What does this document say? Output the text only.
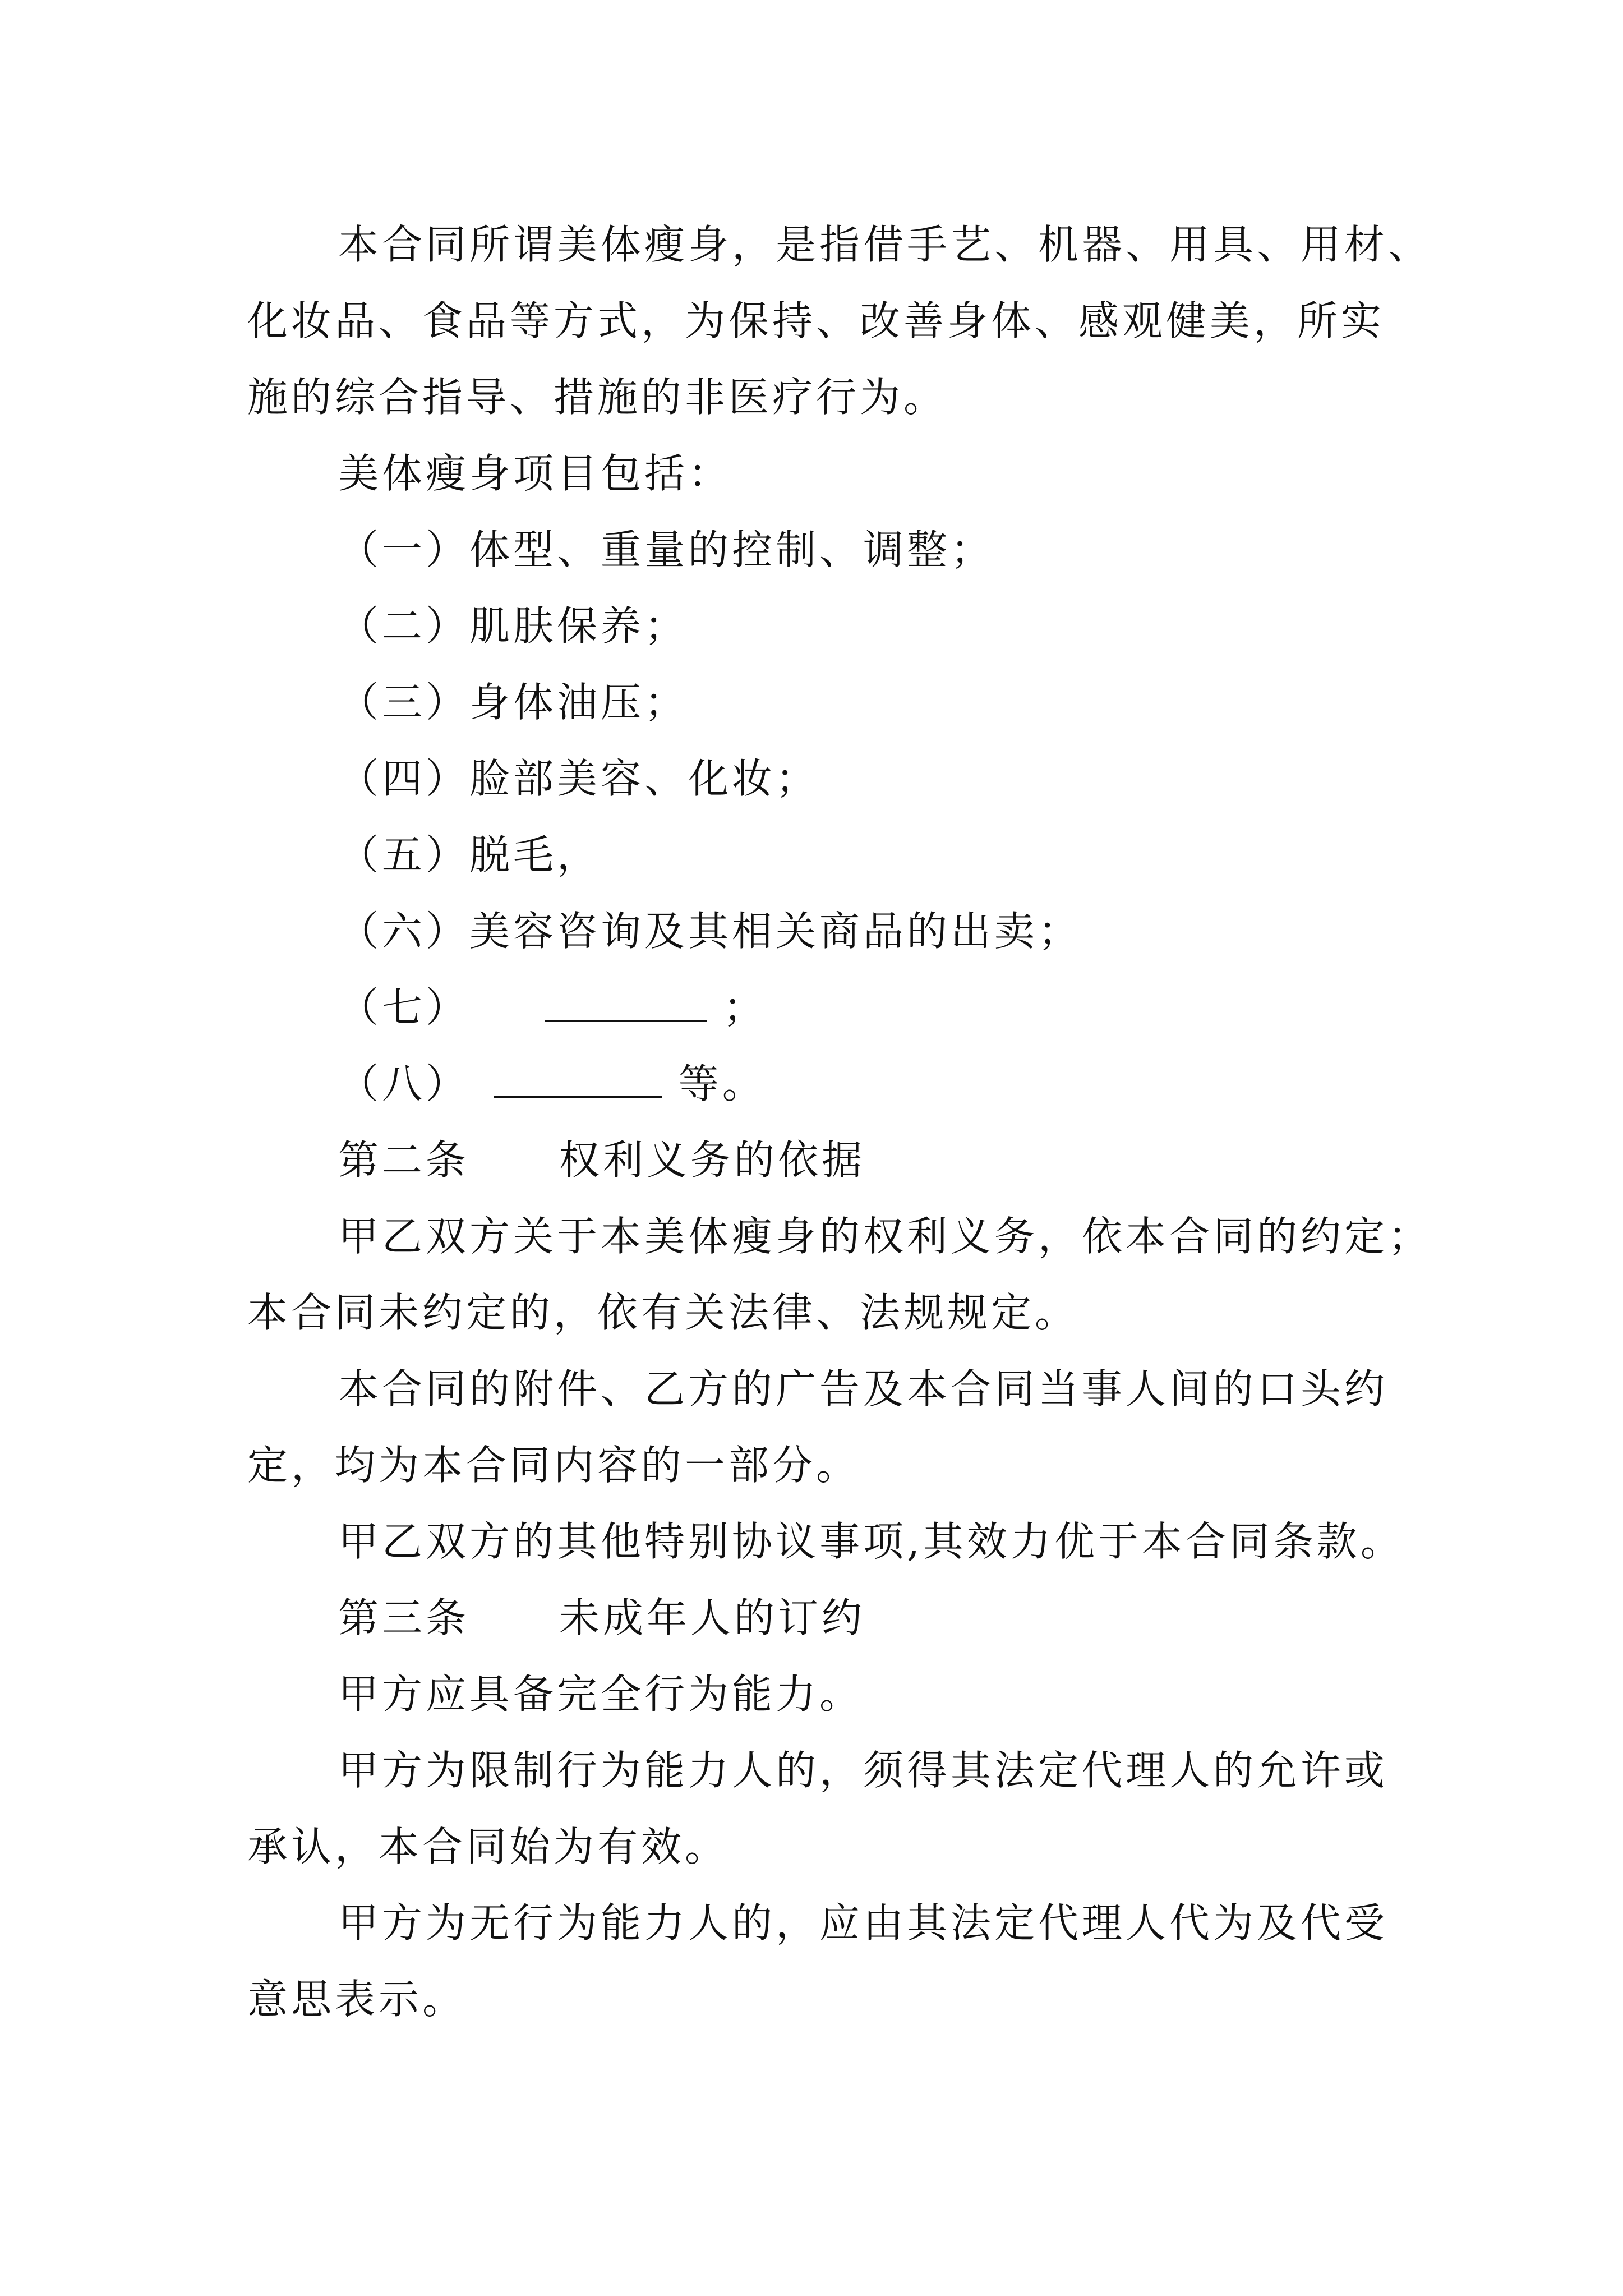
本合同所谓美体瘦身，是指借手艺、机器、用具、用材、
化妆品、食品等方式，为保持、改善身体、感观健美，所实
施的综合指导、措施的非医疗行为。
美体瘦身项目包括：
（一）体型、重量的控制、调整；
（二）肌肤保养；
（三）身体油压；
（四）脸部美容、化妆；
（五）脱毛，
（六）美容咨询及其相关商品的出卖；
（七）	；
（八）	等。
第二条 权利义务的依据
甲乙双方关于本美体瘦身的权利义务，依本合同的约定；
本合同未约定的，依有关法律、法规规定。
本合同的附件、乙方的广告及本合同当事人间的口头约
定，均为本合同内容的一部分。
甲乙双方的其他特别协议事项,其效力优于本合同条款。
第三条 未成年人的订约
甲方应具备完全行为能力。
甲方为限制行为能力人的，须得其法定代理人的允许或
承认，本合同始为有效。
甲方为无行为能力人的，应由其法定代理人代为及代受
意思表示。
